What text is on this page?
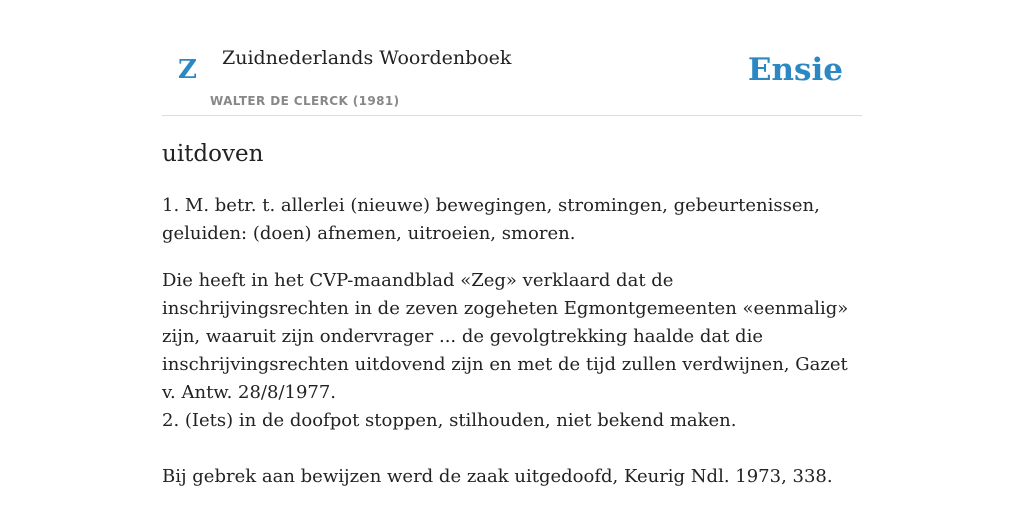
Z Zuidnederlands Woordenboek
WALTER DE CLERCK (1981)
Ensie
uitdoven

1. M. betr. t. allerlei (nieuwe) bewegingen, stromingen, gebeurtenissen, geluiden: (doen) afnemen, uitroeien, smoren.

Die heeft in het CVP-maandblad «Zeg» verklaard dat de inschrijvingsrechten in de zeven zogeheten Egmontgemeenten «eenmalig» zijn, waaruit zijn ondervrager ... de gevolgtrekking haalde dat die inschrijvingsrechten uitdovend zijn en met de tijd zullen verdwijnen, Gazet v. Antw. 28/8/1977.

2. (Iets) in de doofpot stoppen, stilhouden, niet bekend maken.

Bij gebrek aan bewijzen werd de zaak uitgedoofd, Keurig Ndl. 1973, 338.
